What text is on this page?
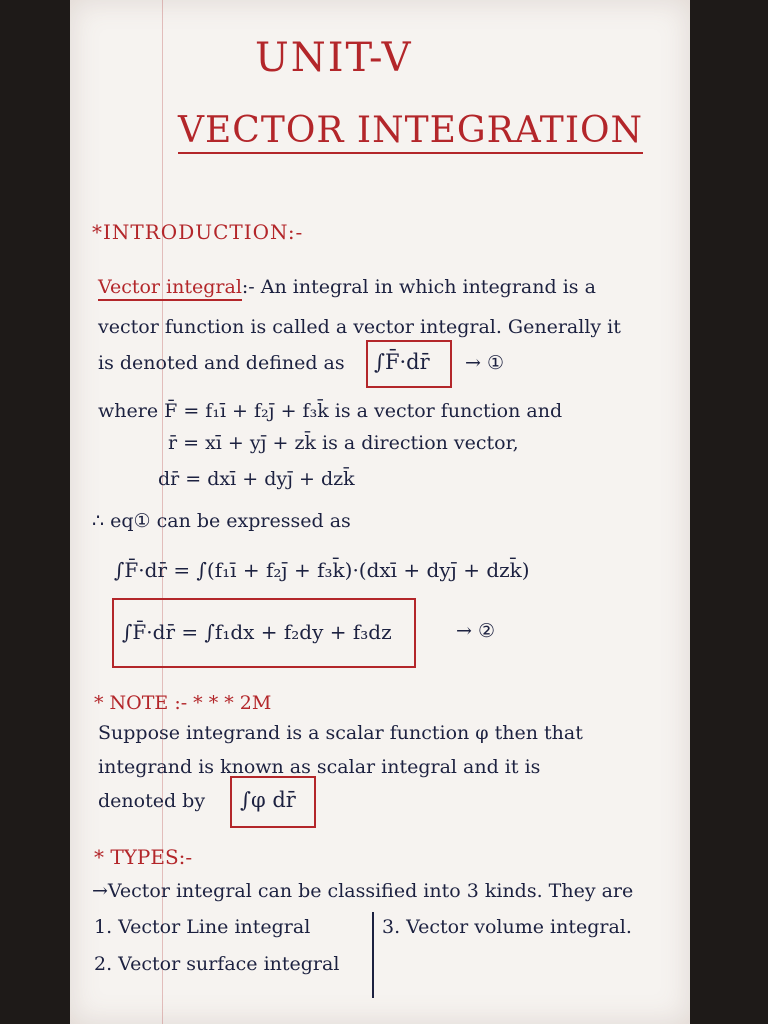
UNIT-V
VECTOR INTEGRATION
*INTRODUCTION:-
Vector integral:- An integral in which integrand is a
vector function is called a vector integral. Generally it
is denoted and defined as ∫F̄·dr̄ → ①
where F̄ = f₁ī + f₂j̄ + f₃k̄ is a vector function and
r̄ = xī + yj̄ + zk̄ is a direction vector,
dr̄ = dxī + dyj̄ + dzk̄
∴ eq① can be expressed as
∫F̄·dr̄ = ∫(f₁ī + f₂j̄ + f₃k̄)·(dxī + dyj̄ + dzk̄)
∫F̄·dr̄ = ∫f₁dx + f₂dy + f₃dz	→ ②
* NOTE :- * * * 2M
Suppose integrand is a scalar function φ then that
integrand is known as scalar integral and it is
denoted by ∫φ dr̄
* TYPES:-
→Vector integral can be classified into 3 kinds. They are
1. Vector Line integral
2. Vector surface integral
3. Vector volume integral.
